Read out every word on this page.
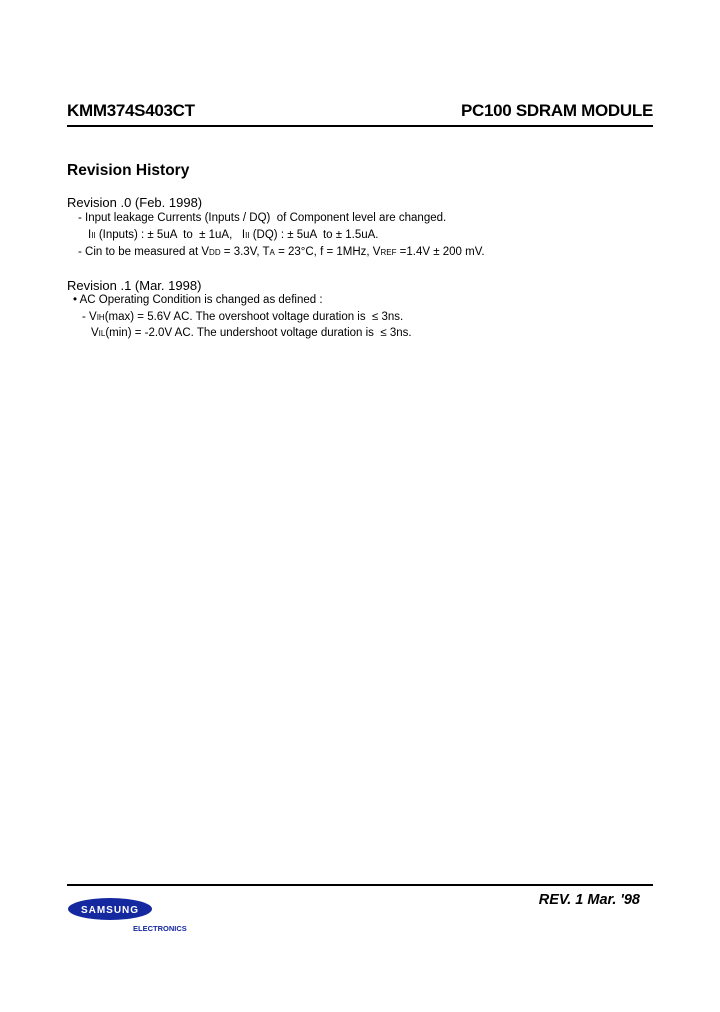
KMM374S403CT	PC100 SDRAM MODULE
Revision History
Revision .0 (Feb. 1998)
- Input leakage Currents (Inputs / DQ)  of Component level are changed.
III (Inputs) : ± 5uA  to  ± 1uA,   III (DQ) : ± 5uA  to ± 1.5uA.
- Cin to be measured at VDD = 3.3V, TA = 23°C, f = 1MHz, VREF =1.4V ± 200 mV.
Revision .1 (Mar. 1998)
• AC Operating Condition is changed as defined :
- VIH(max) = 5.6V AC. The overshoot voltage duration is  ≤ 3ns.
VIL(min) = -2.0V AC. The undershoot voltage duration is  ≤ 3ns.
SAMSUNG
ELECTRONICS
REV. 1 Mar. '98
